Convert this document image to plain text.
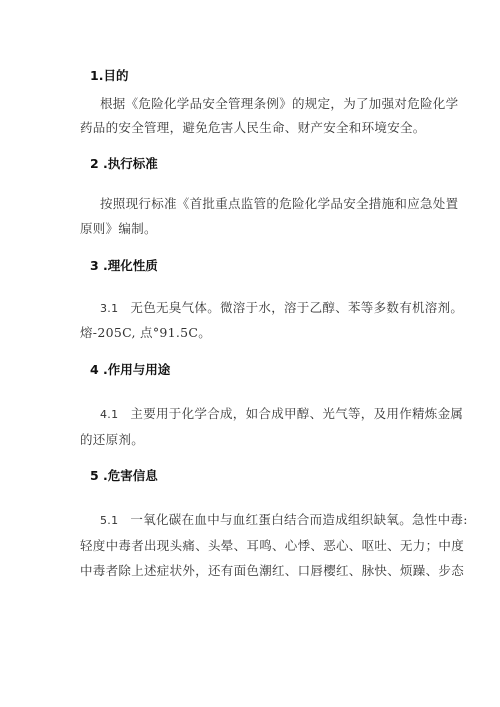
1.目的
根据《危险化学品安全管理条例》的规定，为了加强对危险化学
药品的安全管理，避免危害人民生命、财产安全和环境安全。
2 .执行标准
按照现行标准《首批重点监管的危险化学品安全措施和应急处置
原则》编制。
3 .理化性质
3.1 无色无臭气体。微溶于水，溶于乙醇、苯等多数有机溶剂。
熔-205C, 点°91.5C。
4 .作用与用途
4.1 主要用于化学合成，如合成甲醇、光气等，及用作精炼金属
的还原剂。
5 .危害信息
5.1 一氧化碳在血中与血红蛋白结合而造成组织缺氧。急性中毒:
轻度中毒者出现头痛、头晕、耳鸣、心悸、恶心、呕吐、无力；中度
中毒者除上述症状外，还有面色潮红、口唇樱红、脉快、烦躁、步态
